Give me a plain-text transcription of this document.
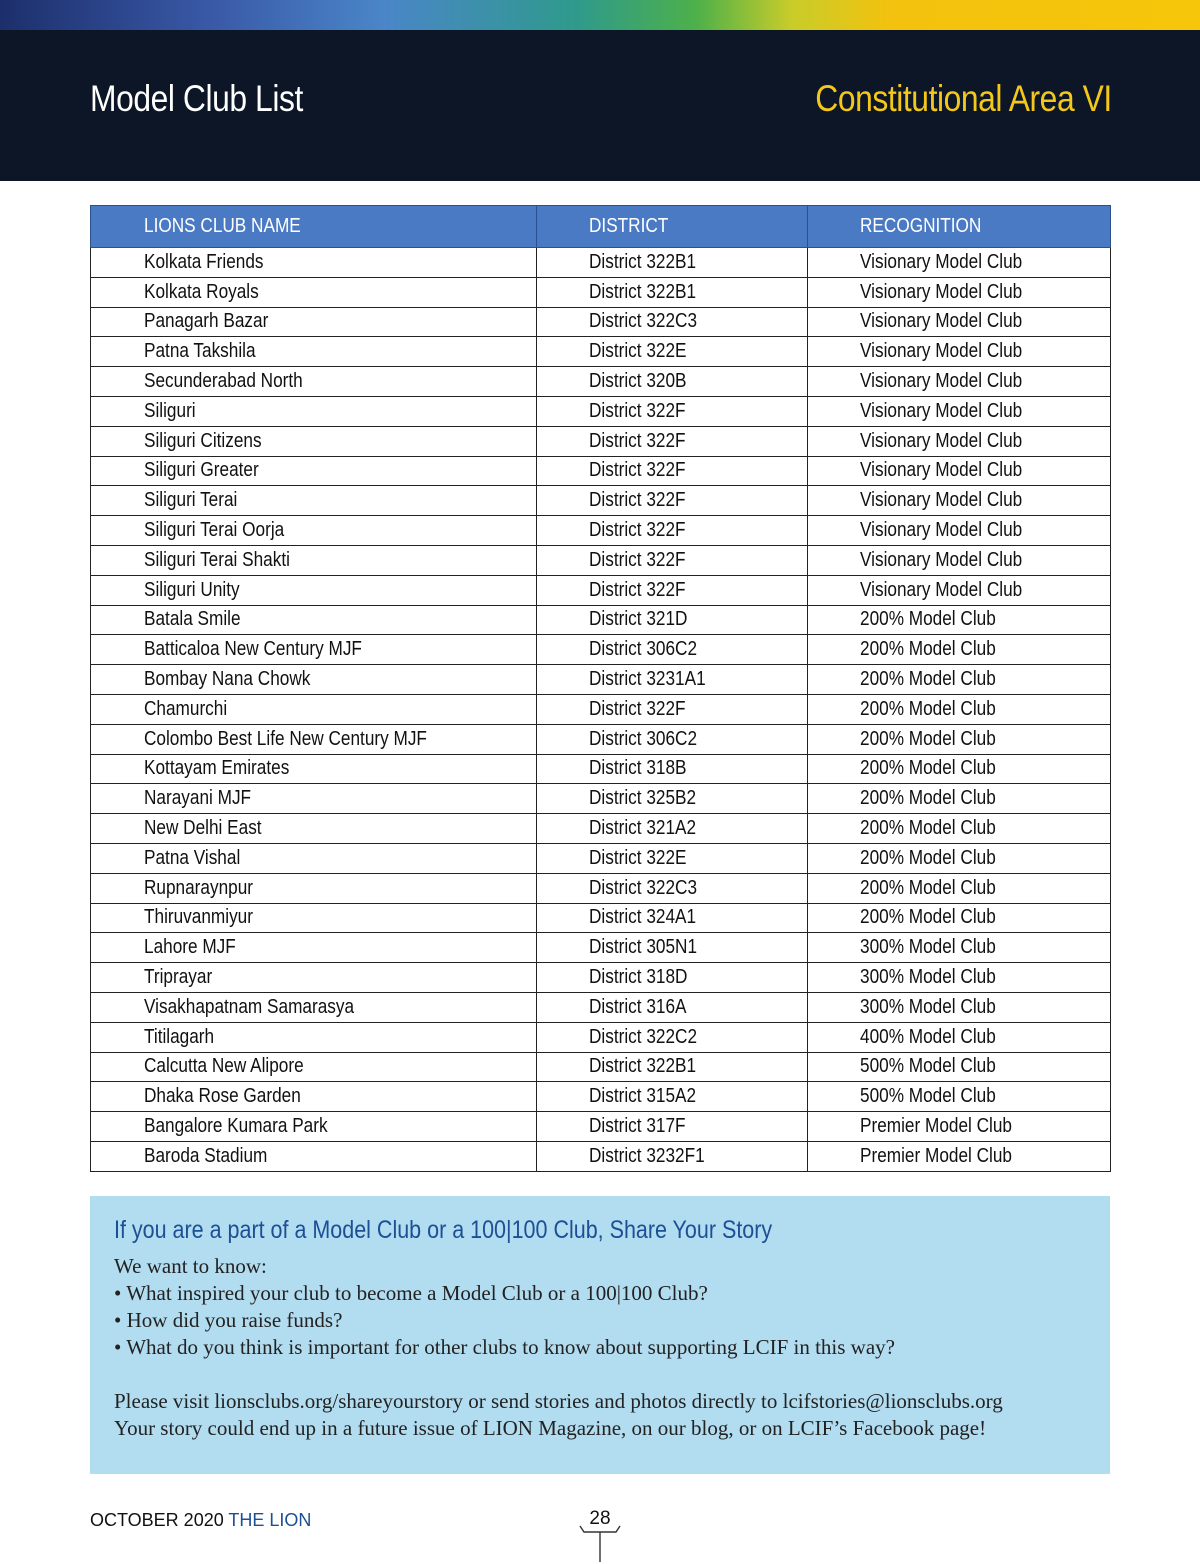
Model Club List	Constitutional Area VI
LIONS CLUB NAME	DISTRICT	RECOGNITION
Kolkata Friends	District 322B1	Visionary Model Club
Kolkata Royals	District 322B1	Visionary Model Club
Panagarh Bazar	District 322C3	Visionary Model Club
Patna Takshila	District 322E	Visionary Model Club
Secunderabad North	District 320B	Visionary Model Club
Siliguri	District 322F	Visionary Model Club
Siliguri Citizens	District 322F	Visionary Model Club
Siliguri Greater	District 322F	Visionary Model Club
Siliguri Terai	District 322F	Visionary Model Club
Siliguri Terai Oorja	District 322F	Visionary Model Club
Siliguri Terai Shakti	District 322F	Visionary Model Club
Siliguri Unity	District 322F	Visionary Model Club
Batala Smile	District 321D	200% Model Club
Batticaloa New Century MJF	District 306C2	200% Model Club
Bombay Nana Chowk	District 3231A1	200% Model Club
Chamurchi	District 322F	200% Model Club
Colombo Best Life New Century MJF	District 306C2	200% Model Club
Kottayam Emirates	District 318B	200% Model Club
Narayani MJF	District 325B2	200% Model Club
New Delhi East	District 321A2	200% Model Club
Patna Vishal	District 322E	200% Model Club
Rupnaraynpur	District 322C3	200% Model Club
Thiruvanmiyur	District 324A1	200% Model Club
Lahore MJF	District 305N1	300% Model Club
Triprayar	District 318D	300% Model Club
Visakhapatnam Samarasya	District 316A	300% Model Club
Titilagarh	District 322C2	400% Model Club
Calcutta New Alipore	District 322B1	500% Model Club
Dhaka Rose Garden	District 315A2	500% Model Club
Bangalore Kumara Park	District 317F	Premier Model Club
Baroda Stadium	District 3232F1	Premier Model Club
If you are a part of a Model Club or a 100|100 Club, Share Your Story
We want to know:
• What inspired your club to become a Model Club or a 100|100 Club?
• How did you raise funds?
• What do you think is important for other clubs to know about supporting LCIF in this way?
Please visit lionsclubs.org/shareyourstory or send stories and photos directly to lcifstories@lionsclubs.org
Your story could end up in a future issue of LION Magazine, on our blog, or on LCIF’s Facebook page!
OCTOBER 2020 THE LION	28
